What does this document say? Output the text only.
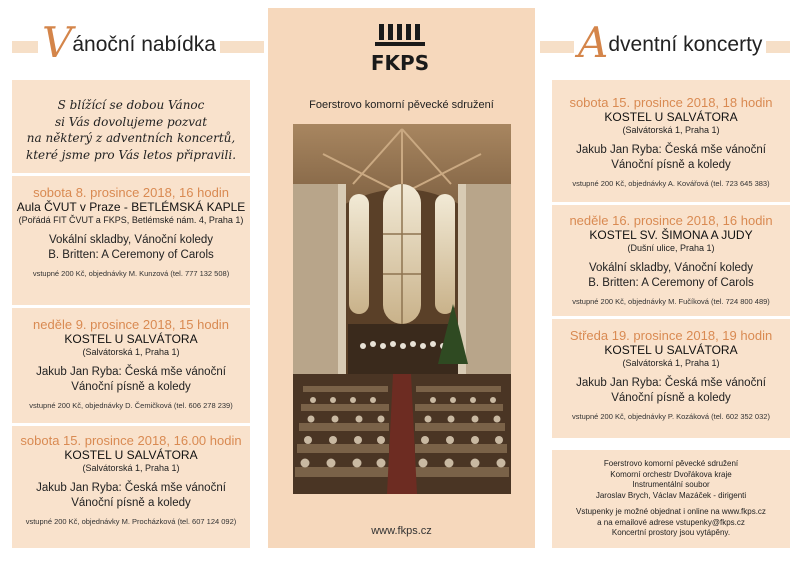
Vánoční nabídka	Adventní koncerty
S blížící se dobou Vánoc
si Vás dovolujeme pozvat
na některý z adventních koncertů,
které jsme pro Vás letos připravili.
sobota 8. prosince 2018, 16 hodin
Aula ČVUT v Praze - BETLÉMSKÁ KAPLE
(Pořádá FIT ČVUT a FKPS, Betlémské nám. 4, Praha 1)
Vokální skladby, Vánoční koledy
B. Britten: A Ceremony of Carols
vstupné 200 Kč, objednávky M. Kunzová (tel. 777 132 508)
neděle 9. prosince 2018, 15 hodin
KOSTEL U SALVÁTORA
(Salvátorská 1, Praha 1)
Jakub Jan Ryba: Česká mše vánoční
Vánoční písně a koledy
vstupné 200 Kč, objednávky D. Čemičková (tel. 606 278 239)
sobota 15. prosince 2018, 16.00 hodin
KOSTEL U SALVÁTORA
(Salvátorská 1, Praha 1)
Jakub Jan Ryba: Česká mše vánoční
Vánoční písně a koledy
vstupné 200 Kč, objednávky M. Procházková (tel. 607 124 092)
FKPS
Foerstrovo komorní pěvecké sdružení
www.fkps.cz
sobota 15. prosince 2018, 18 hodin
KOSTEL U SALVÁTORA
(Salvátorská 1, Praha 1)
Jakub Jan Ryba: Česká mše vánoční
Vánoční písně a koledy
vstupné 200 Kč, objednávky A. Kovářová (tel. 723 645 383)
neděle 16. prosince 2018, 16 hodin
KOSTEL SV. ŠIMONA A JUDY
(Dušní ulice, Praha 1)
Vokální skladby, Vánoční koledy
B. Britten: A Ceremony of Carols
vstupné 200 Kč, objednávky M. Fučíková (tel. 724 800 489)
Středa 19. prosince 2018, 19 hodin
KOSTEL U SALVÁTORA
(Salvátorská 1, Praha 1)
Jakub Jan Ryba: Česká mše vánoční
Vánoční písně a koledy
vstupné 200 Kč, objednávky P. Kozáková (tel. 602 352 032)
Foerstrovo komorní pěvecké sdružení
Komorní orchestr Dvořákova kraje
Instrumentální soubor
Jaroslav Brych, Václav Mazáček - dirigenti
Vstupenky je možné objednat i online na www.fkps.cz
a na emailové adrese vstupenky@fkps.cz
Koncertní prostory jsou vytápěny.
